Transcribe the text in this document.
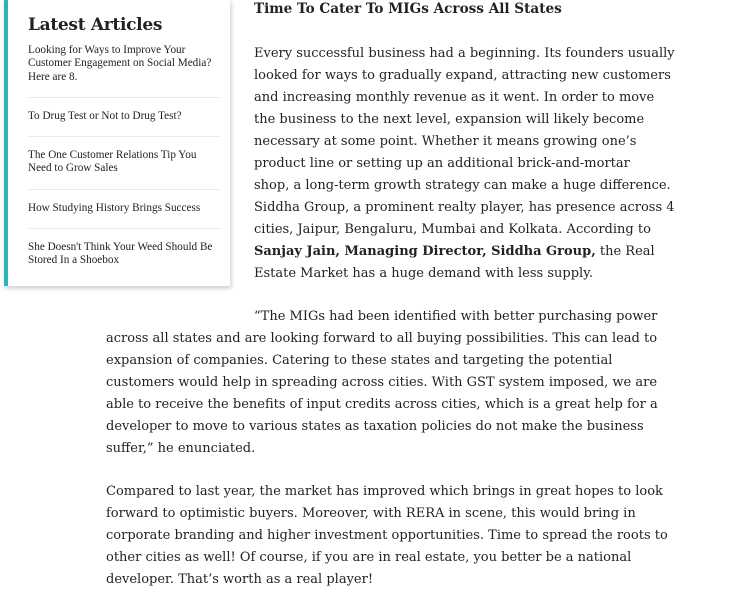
Latest Articles
Looking for Ways to Improve Your Customer Engagement on Social Media? Here are 8.
To Drug Test or Not to Drug Test?
The One Customer Relations Tip You Need to Grow Sales
How Studying History Brings Success
She Doesn't Think Your Weed Should Be Stored In a Shoebox
Time To Cater To MIGs Across All States

Every successful business had a beginning. Its founders usually
looked for ways to gradually expand, attracting new customers
and increasing monthly revenue as it went. In order to move
the business to the next level, expansion will likely become
necessary at some point. Whether it means growing one’s
product line or setting up an additional brick-and-mortar
shop, a long-term growth strategy can make a huge difference.
Siddha Group, a prominent realty player, has presence across 4
cities, Jaipur, Bengaluru, Mumbai and Kolkata. According to
Sanjay Jain, Managing Director, Siddha Group, the Real
Estate Market has a huge demand with less supply.

“The MIGs had been identified with better purchasing power
across all states and are looking forward to all buying possibilities. This can lead to
expansion of companies. Catering to these states and targeting the potential
customers would help in spreading across cities. With GST system imposed, we are
able to receive the benefits of input credits across cities, which is a great help for a
developer to move to various states as taxation policies do not make the business
suffer,” he enunciated.

Compared to last year, the market has improved which brings in great hopes to look
forward to optimistic buyers. Moreover, with RERA in scene, this would bring in
corporate branding and higher investment opportunities. Time to spread the roots to
other cities as well! Of course, if you are in real estate, you better be a national
developer. That’s worth as a real player!
